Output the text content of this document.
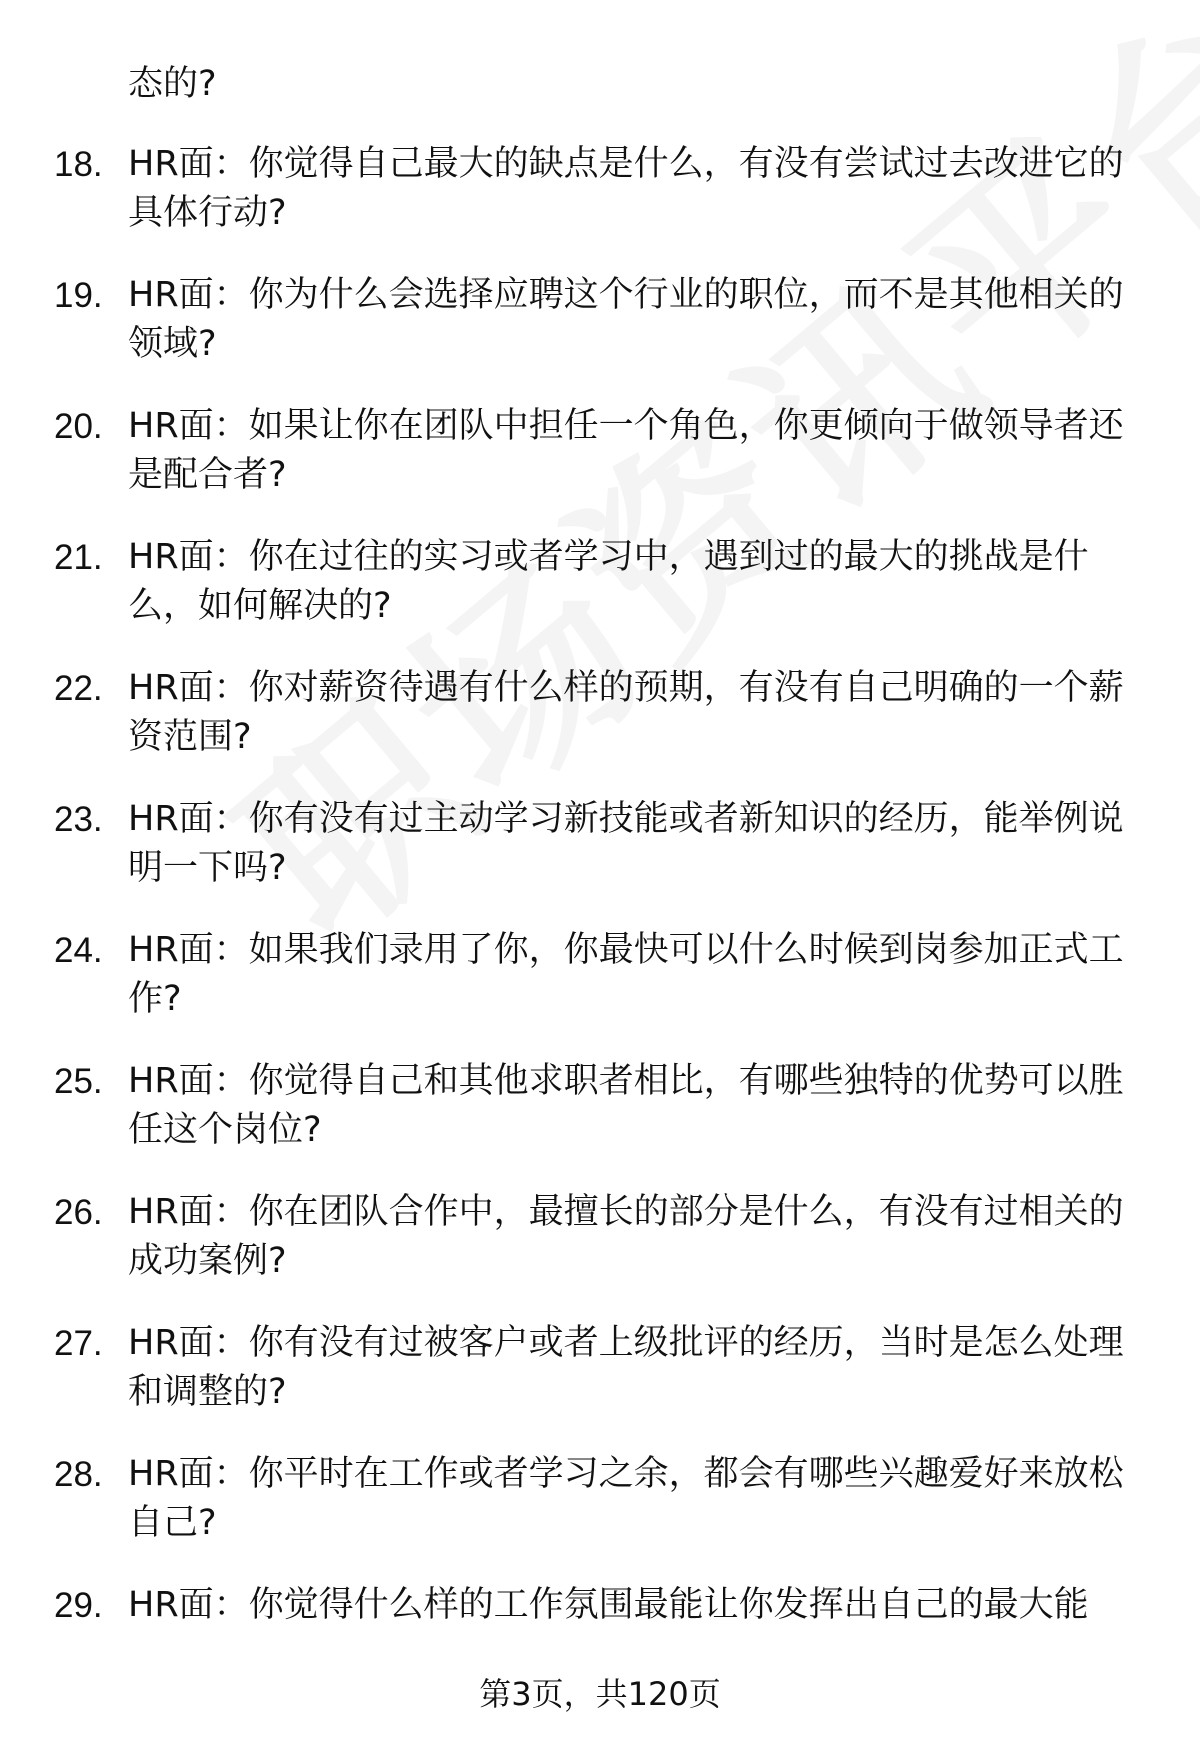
态的?
18. HR面：你觉得自己最大的缺点是什么，有没有尝试过去改进它的具体行动?
19. HR面：你为什么会选择应聘这个行业的职位，而不是其他相关的领域?
20. HR面：如果让你在团队中担任一个角色，你更倾向于做领导者还是配合者?
21. HR面：你在过往的实习或者学习中，遇到过的最大的挑战是什么，如何解决的?
22. HR面：你对薪资待遇有什么样的预期，有没有自己明确的一个薪资范围?
23. HR面：你有没有过主动学习新技能或者新知识的经历，能举例说明一下吗?
24. HR面：如果我们录用了你，你最快可以什么时候到岗参加正式工作?
25. HR面：你觉得自己和其他求职者相比，有哪些独特的优势可以胜任这个岗位?
26. HR面：你在团队合作中，最擅长的部分是什么，有没有过相关的成功案例?
27. HR面：你有没有过被客户或者上级批评的经历，当时是怎么处理和调整的?
28. HR面：你平时在工作或者学习之余，都会有哪些兴趣爱好来放松自己?
29. HR面：你觉得什么样的工作氛围最能让你发挥出自己的最大能
第3页，共120页
